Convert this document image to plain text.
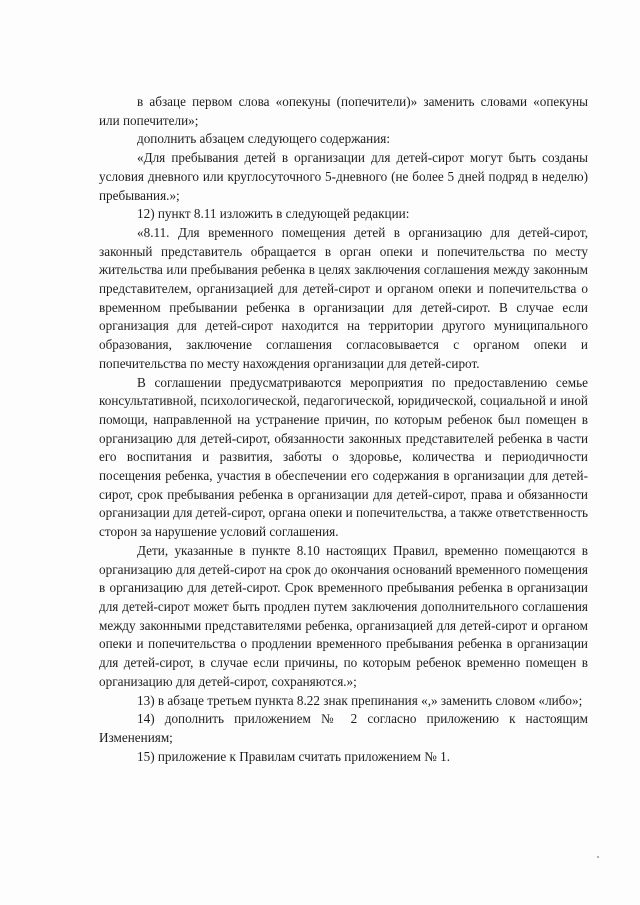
в абзаце первом слова «опекуны (попечители)» заменить словами «опекуны или попечители»;

дополнить абзацем следующего содержания:

«Для пребывания детей в организации для детей-сирот могут быть созданы условия дневного или круглосуточного 5-дневного (не более 5 дней подряд в неделю) пребывания.»;

12) пункт 8.11 изложить в следующей редакции:

«8.11. Для временного помещения детей в организацию для детей-сирот, законный представитель обращается в орган опеки и попечительства по месту жительства или пребывания ребенка в целях заключения соглашения между законным представителем, организацией для детей-сирот и органом опеки и попечительства о временном пребывании ребенка в организации для детей-сирот. В случае если организация для детей-сирот находится на территории другого муниципального образования, заключение соглашения согласовывается с органом опеки и попечительства по месту нахождения организации для детей-сирот.

В соглашении предусматриваются мероприятия по предоставлению семье консультативной, психологической, педагогической, юридической, социальной и иной помощи, направленной на устранение причин, по которым ребенок был помещен в организацию для детей-сирот, обязанности законных представителей ребенка в части его воспитания и развития, заботы о здоровье, количества и периодичности посещения ребенка, участия в обеспечении его содержания в организации для детей-сирот, срок пребывания ребенка в организации для детей-сирот, права и обязанности организации для детей-сирот, органа опеки и попечительства, а также ответственность сторон за нарушение условий соглашения.

Дети, указанные в пункте 8.10 настоящих Правил, временно помещаются в организацию для детей-сирот на срок до окончания оснований временного помещения в организацию для детей-сирот. Срок временного пребывания ребенка в организации для детей-сирот может быть продлен путем заключения дополнительного соглашения между законными представителями ребенка, организацией для детей-сирот и органом опеки и попечительства о продлении временного пребывания ребенка в организации для детей-сирот, в случае если причины, по которым ребенок временно помещен в организацию для детей-сирот, сохраняются.»;

13) в абзаце третьем пункта 8.22 знак препинания «,» заменить словом «либо»;

14) дополнить приложением № 2 согласно приложению к настоящим Изменениям;

15) приложение к Правилам считать приложением № 1.
